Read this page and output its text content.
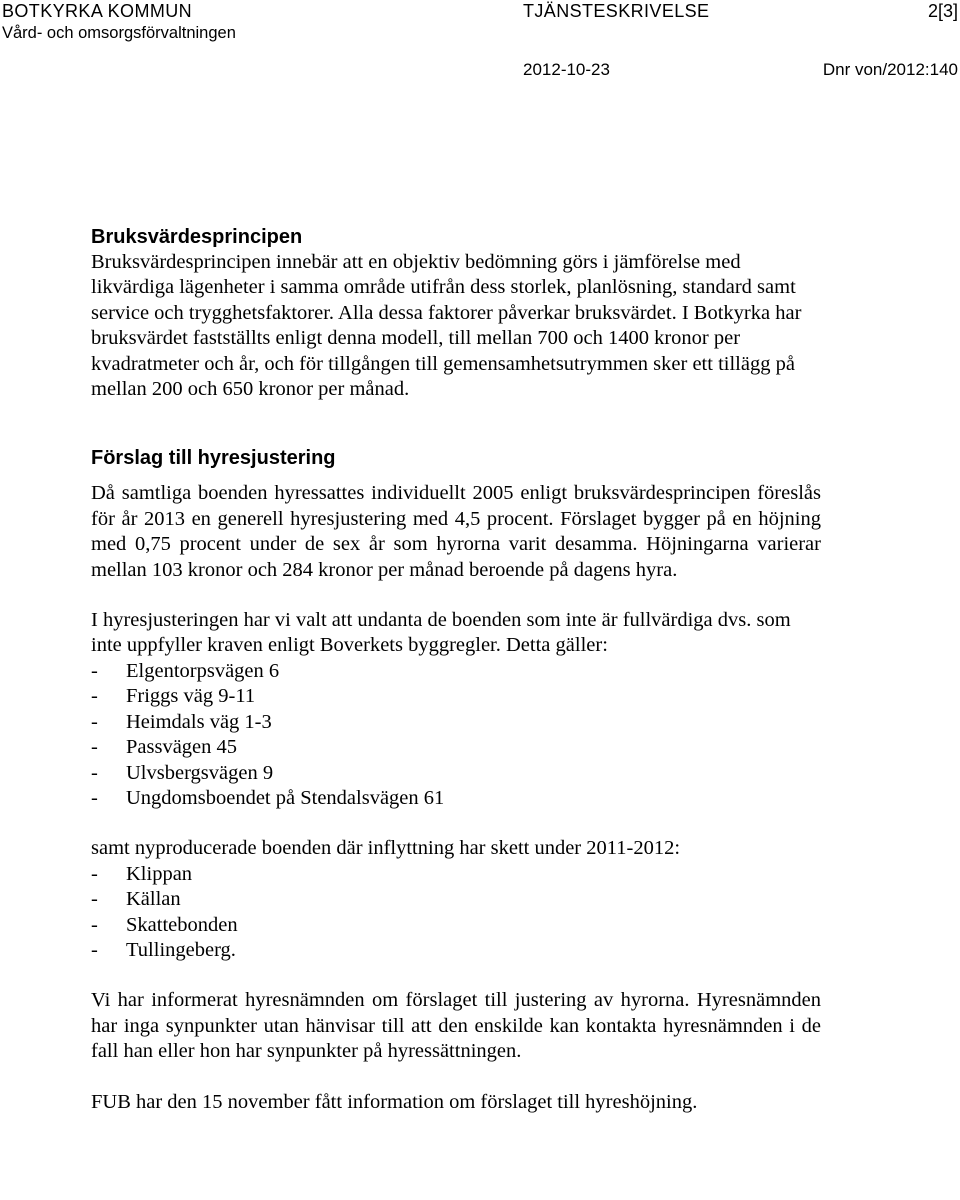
BOTKYRKA KOMMUN
Vård- och omsorgsförvaltningen
TJÄNSTESKRIVELSE	2[3]
2012-10-23	Dnr von/2012:140
Bruksvärdesprincipen

Bruksvärdesprincipen innebär att en objektiv bedömning görs i jämförelse med likvärdiga lägenheter i samma område utifrån dess storlek, planlösning, standard samt service och trygghetsfaktorer. Alla dessa faktorer påverkar bruksvärdet. I Botkyrka har bruksvärdet fastställts enligt denna modell, till mellan 700 och 1400 kronor per kvadratmeter och år, och för tillgången till gemensamhetsutrymmen sker ett tillägg på mellan 200 och 650 kronor per månad.

Förslag till hyresjustering

Då samtliga boenden hyressattes individuellt 2005 enligt bruksvärdesprincipen föreslås för år 2013 en generell hyresjustering med 4,5 procent. Förslaget bygger på en höjning med 0,75 procent under de sex år som hyrorna varit desamma. Höjningarna varierar mellan 103 kronor och 284 kronor per månad beroende på dagens hyra.

I hyresjusteringen har vi valt att undanta de boenden som inte är fullvärdiga dvs. som inte uppfyller kraven enligt Boverkets byggregler. Detta gäller:

- Elgentorpsvägen 6
- Friggs väg 9-11
- Heimdals väg 1-3
- Passvägen 45
- Ulvsbergsvägen 9
- Ungdomsboendet på Stendalsvägen 61

samt nyproducerade boenden där inflyttning har skett under 2011-2012:

- Klippan
- Källan
- Skattebonden
- Tullingeberg.

Vi har informerat hyresnämnden om förslaget till justering av hyrorna. Hyresnämnden har inga synpunkter utan hänvisar till att den enskilde kan kontakta hyresnämnden i de fall han eller hon har synpunkter på hyressättningen.

FUB har den 15 november fått information om förslaget till hyreshöjning.
